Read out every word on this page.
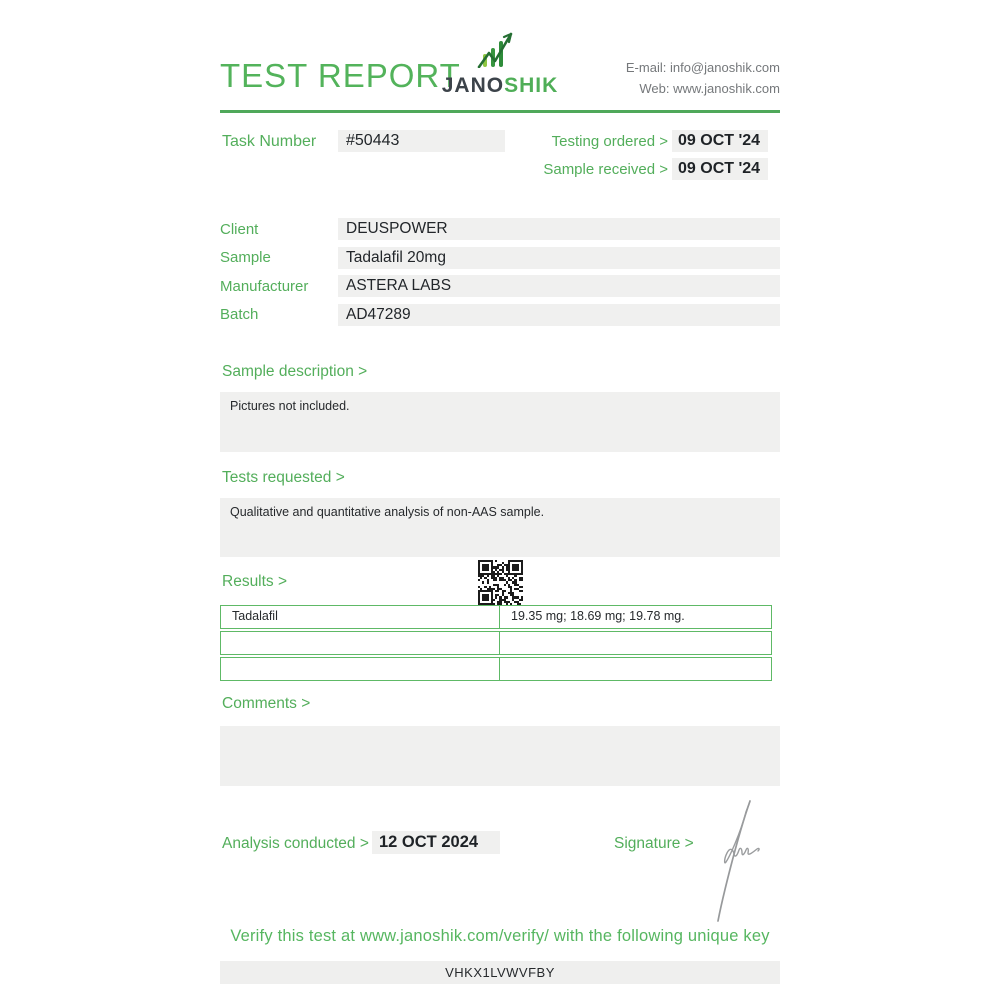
TEST REPORT
JANOSHIK
E-mail: info@janoshik.com
Web: www.janoshik.com
Task Number	#50443	Testing ordered > 09 OCT '24
Sample received > 09 OCT '24
Client	DEUSPOWER
Sample	Tadalafil 20mg
Manufacturer	ASTERA LABS
Batch	AD47289
Sample description >
Pictures not included.
Tests requested >
Qualitative and quantitative analysis of non-AAS sample.
Results >
Tadalafil	19.35 mg; 18.69 mg; 19.78 mg.
Comments >
Analysis conducted > 12 OCT 2024	Signature >
Verify this test at www.janoshik.com/verify/ with the following unique key
VHKX1LVWVFBY
